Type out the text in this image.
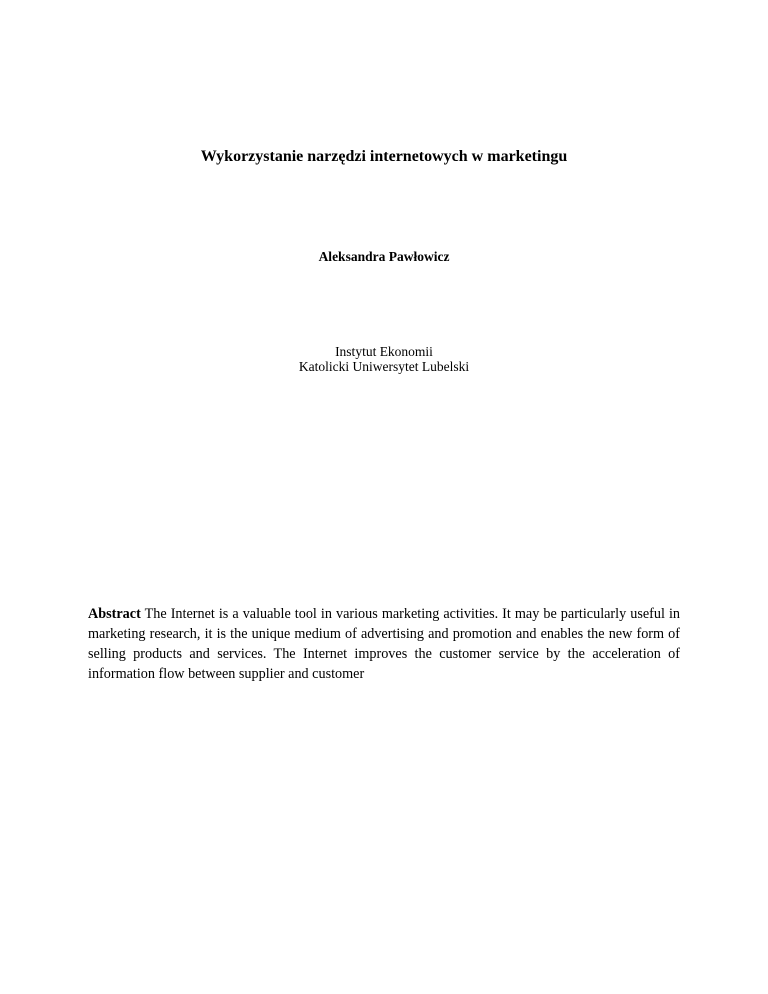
Wykorzystanie narzędzi internetowych w marketingu
Aleksandra Pawłowicz
Instytut Ekonomii
Katolicki Uniwersytet Lubelski
Abstract The Internet is a valuable tool in various marketing activities. It may be particularly useful in marketing research, it is the unique medium of advertising and promotion and enables the new form of selling products and services. The Internet improves the customer service by the acceleration of information flow between supplier and customer
